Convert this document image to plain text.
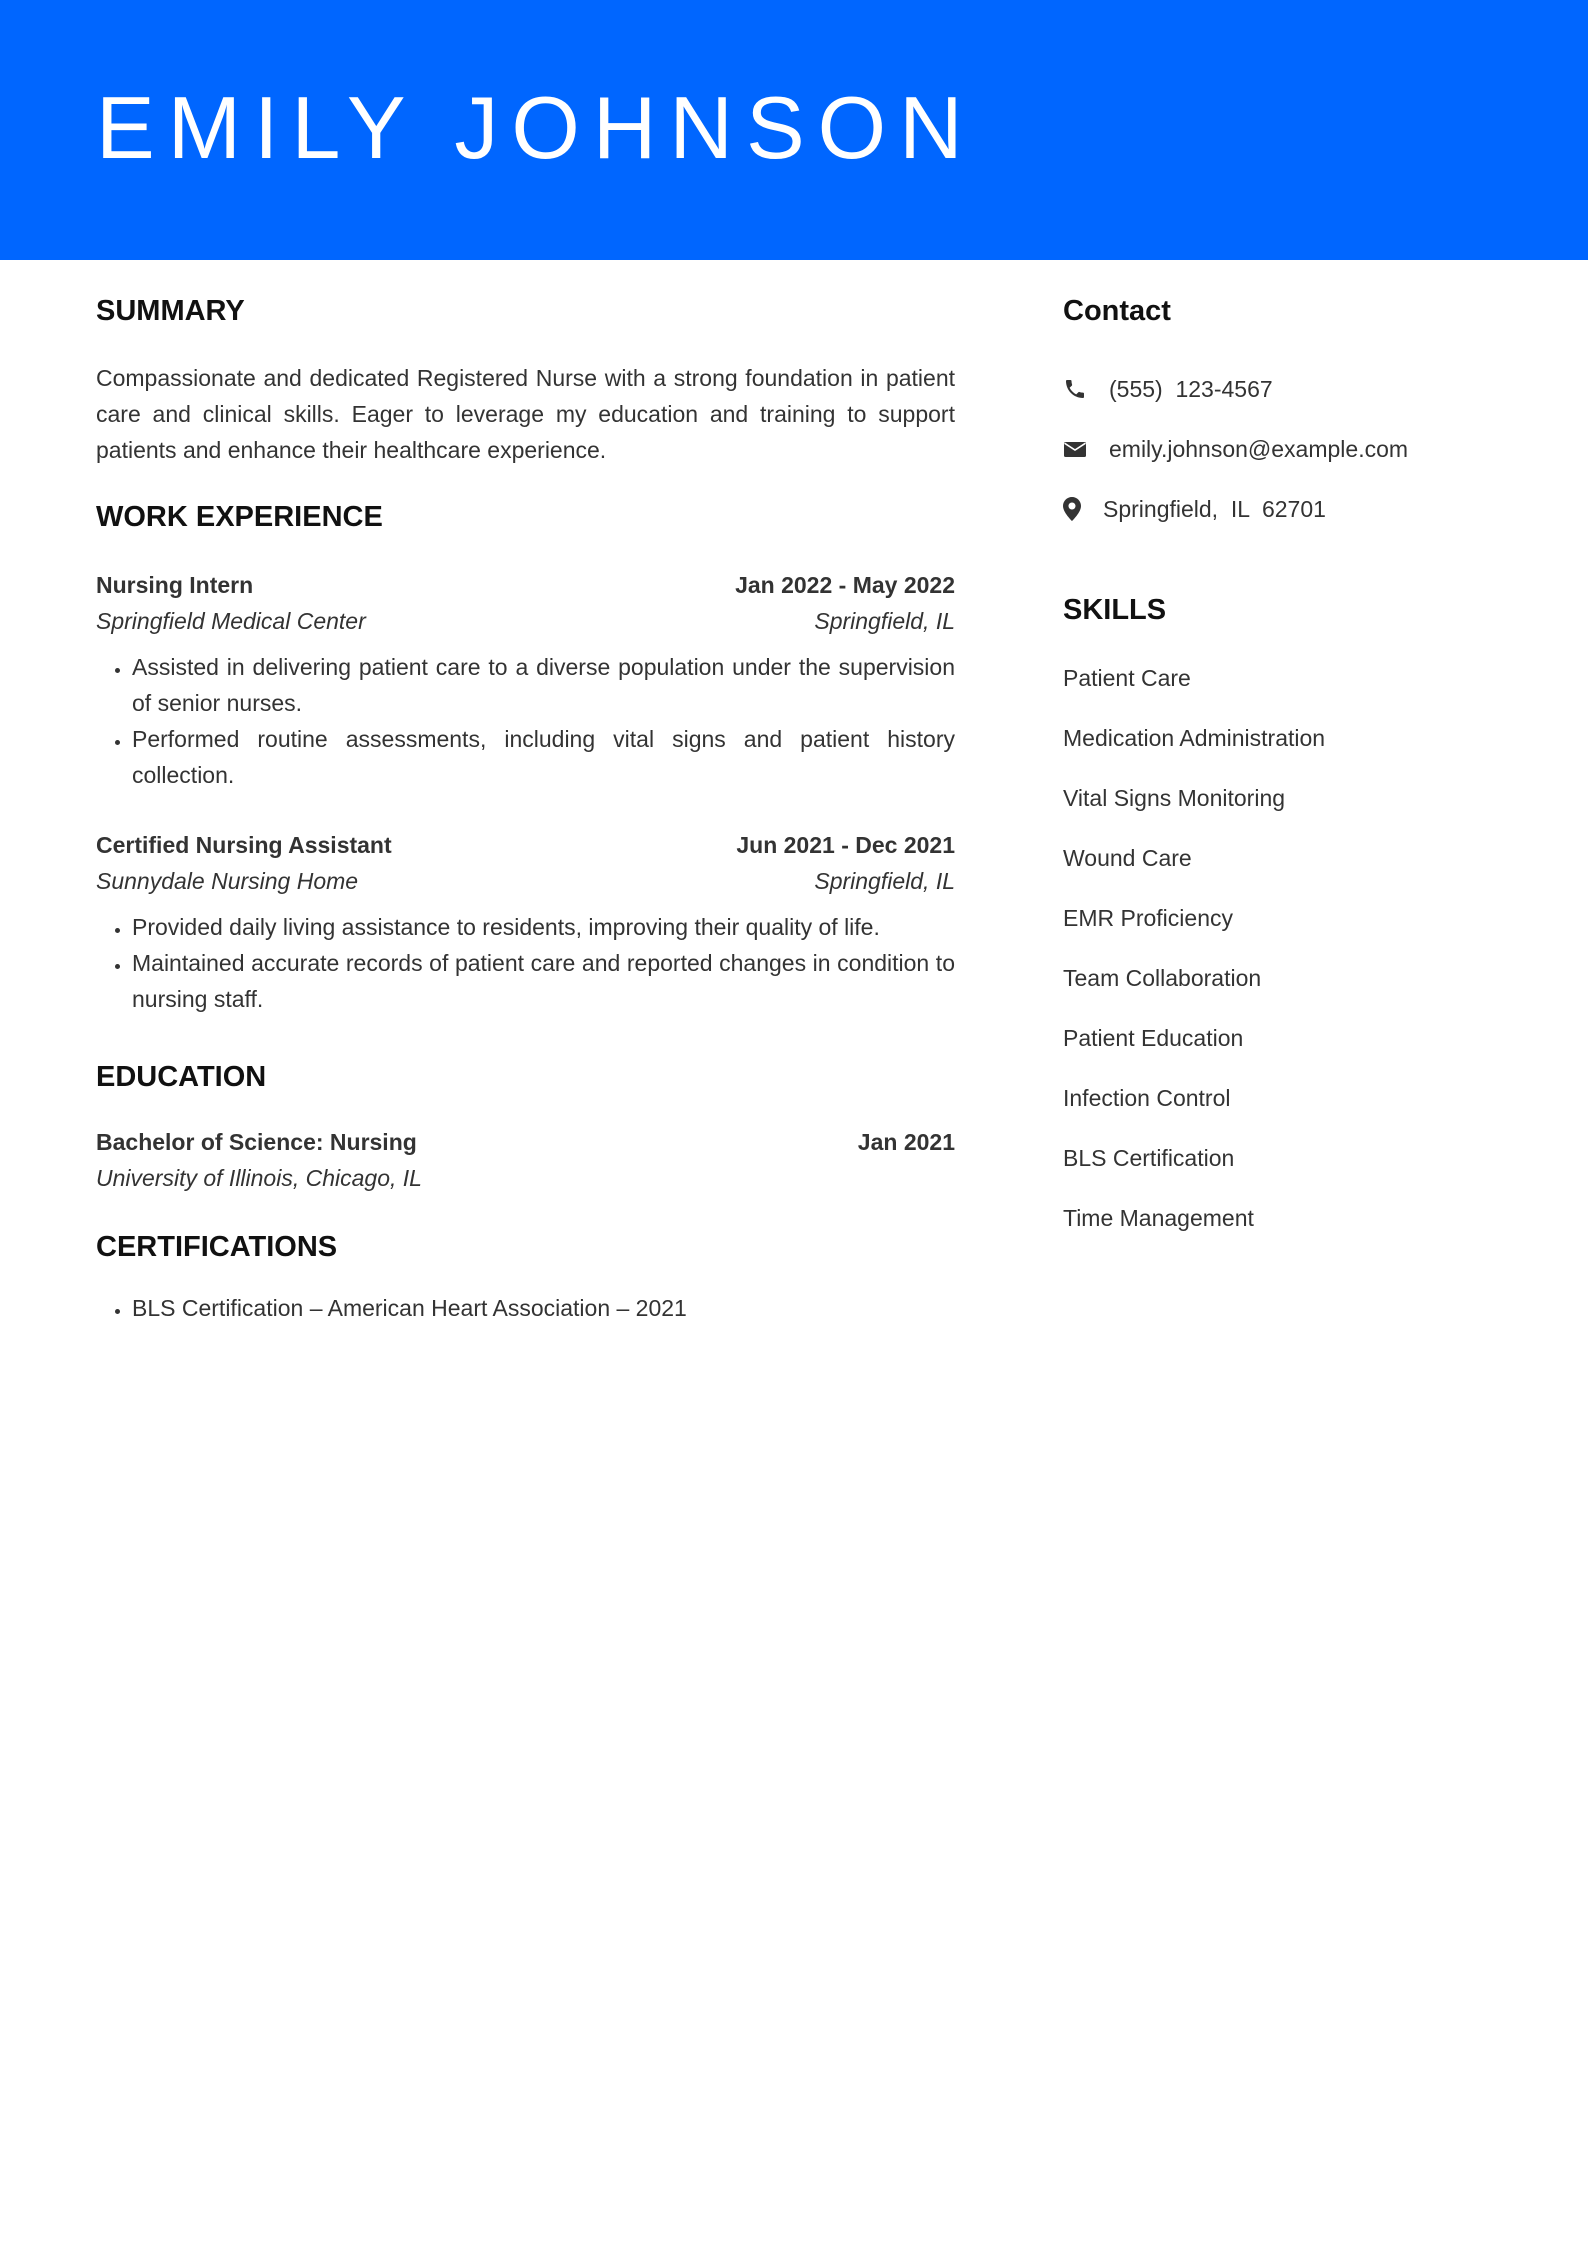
EMILY JOHNSON
SUMMARY
Compassionate and dedicated Registered Nurse with a strong foundation in patient care and clinical skills. Eager to leverage my education and training to support patients and enhance their healthcare experience.
WORK EXPERIENCE
Nursing Intern	Jan 2022 - May 2022
Springfield Medical Center	Springfield, IL
• Assisted in delivering patient care to a diverse population under the supervision of senior nurses.
• Performed routine assessments, including vital signs and patient history collection.
Certified Nursing Assistant	Jun 2021 - Dec 2021
Sunnydale Nursing Home	Springfield, IL
• Provided daily living assistance to residents, improving their quality of life.
• Maintained accurate records of patient care and reported changes in condition to nursing staff.
EDUCATION
Bachelor of Science: Nursing	Jan 2021
University of Illinois, Chicago, IL
CERTIFICATIONS
• BLS Certification – American Heart Association – 2021
Contact
(555)  123-4567
emily.johnson@example.com
Springfield,  IL  62701
SKILLS
Patient Care
Medication Administration
Vital Signs Monitoring
Wound Care
EMR Proficiency
Team Collaboration
Patient Education
Infection Control
BLS Certification
Time Management
